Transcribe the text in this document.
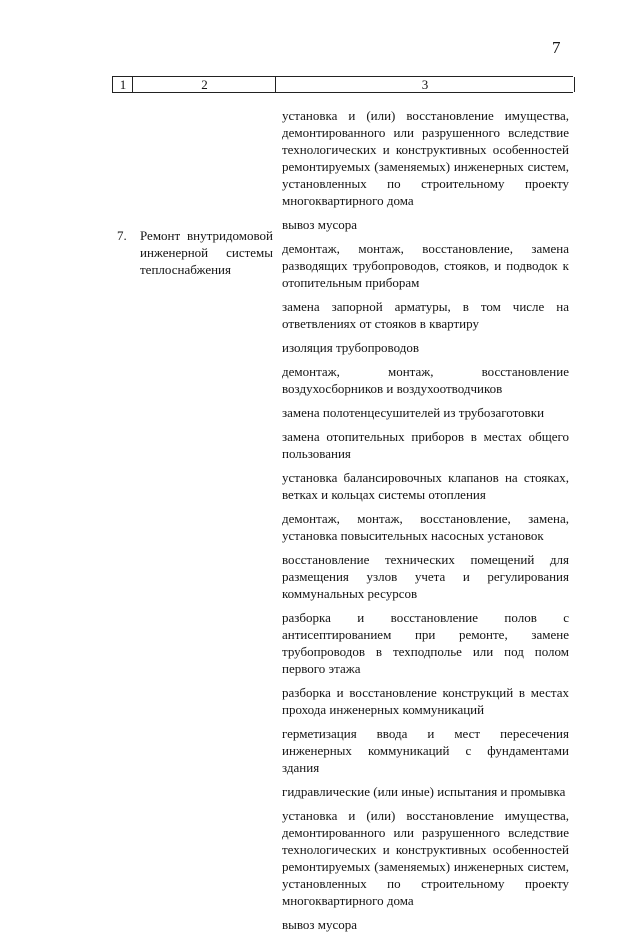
7
1	2	3
7. Ремонт внутридомовой инженерной системы теплоснабжения
установка и (или) восстановление имущества, демонтированного или разрушенного вследствие технологических и конструктивных особенностей ремонтируемых (заменяемых) инженерных систем, установленных по строительному проекту многоквартирного дома
вывоз мусора
демонтаж, монтаж, восстановление, замена разводящих трубопроводов, стояков, и подводок к отопительным приборам
замена запорной арматуры, в том числе на ответвлениях от стояков в квартиру
изоляция трубопроводов
демонтаж, монтаж, восстановление воздухосборников и воздухоотводчиков
замена полотенцесушителей из трубозаготовки
замена отопительных приборов в местах общего пользования
установка балансировочных клапанов на стояках, ветках и кольцах системы отопления
демонтаж, монтаж, восстановление, замена, установка повысительных насосных установок
восстановление технических помещений для размещения узлов учета и регулирования коммунальных ресурсов
разборка и восстановление полов с антисептированием при ремонте, замене трубопроводов в техподполье или под полом первого этажа
разборка и восстановление конструкций в местах прохода инженерных коммуникаций
герметизация ввода и мест пересечения инженерных коммуникаций с фундаментами здания
гидравлические (или иные) испытания и промывка
установка и (или) восстановление имущества, демонтированного или разрушенного вследствие технологических и конструктивных особенностей ремонтируемых (заменяемых) инженерных систем, установленных по строительному проекту многоквартирного дома
вывоз мусора
